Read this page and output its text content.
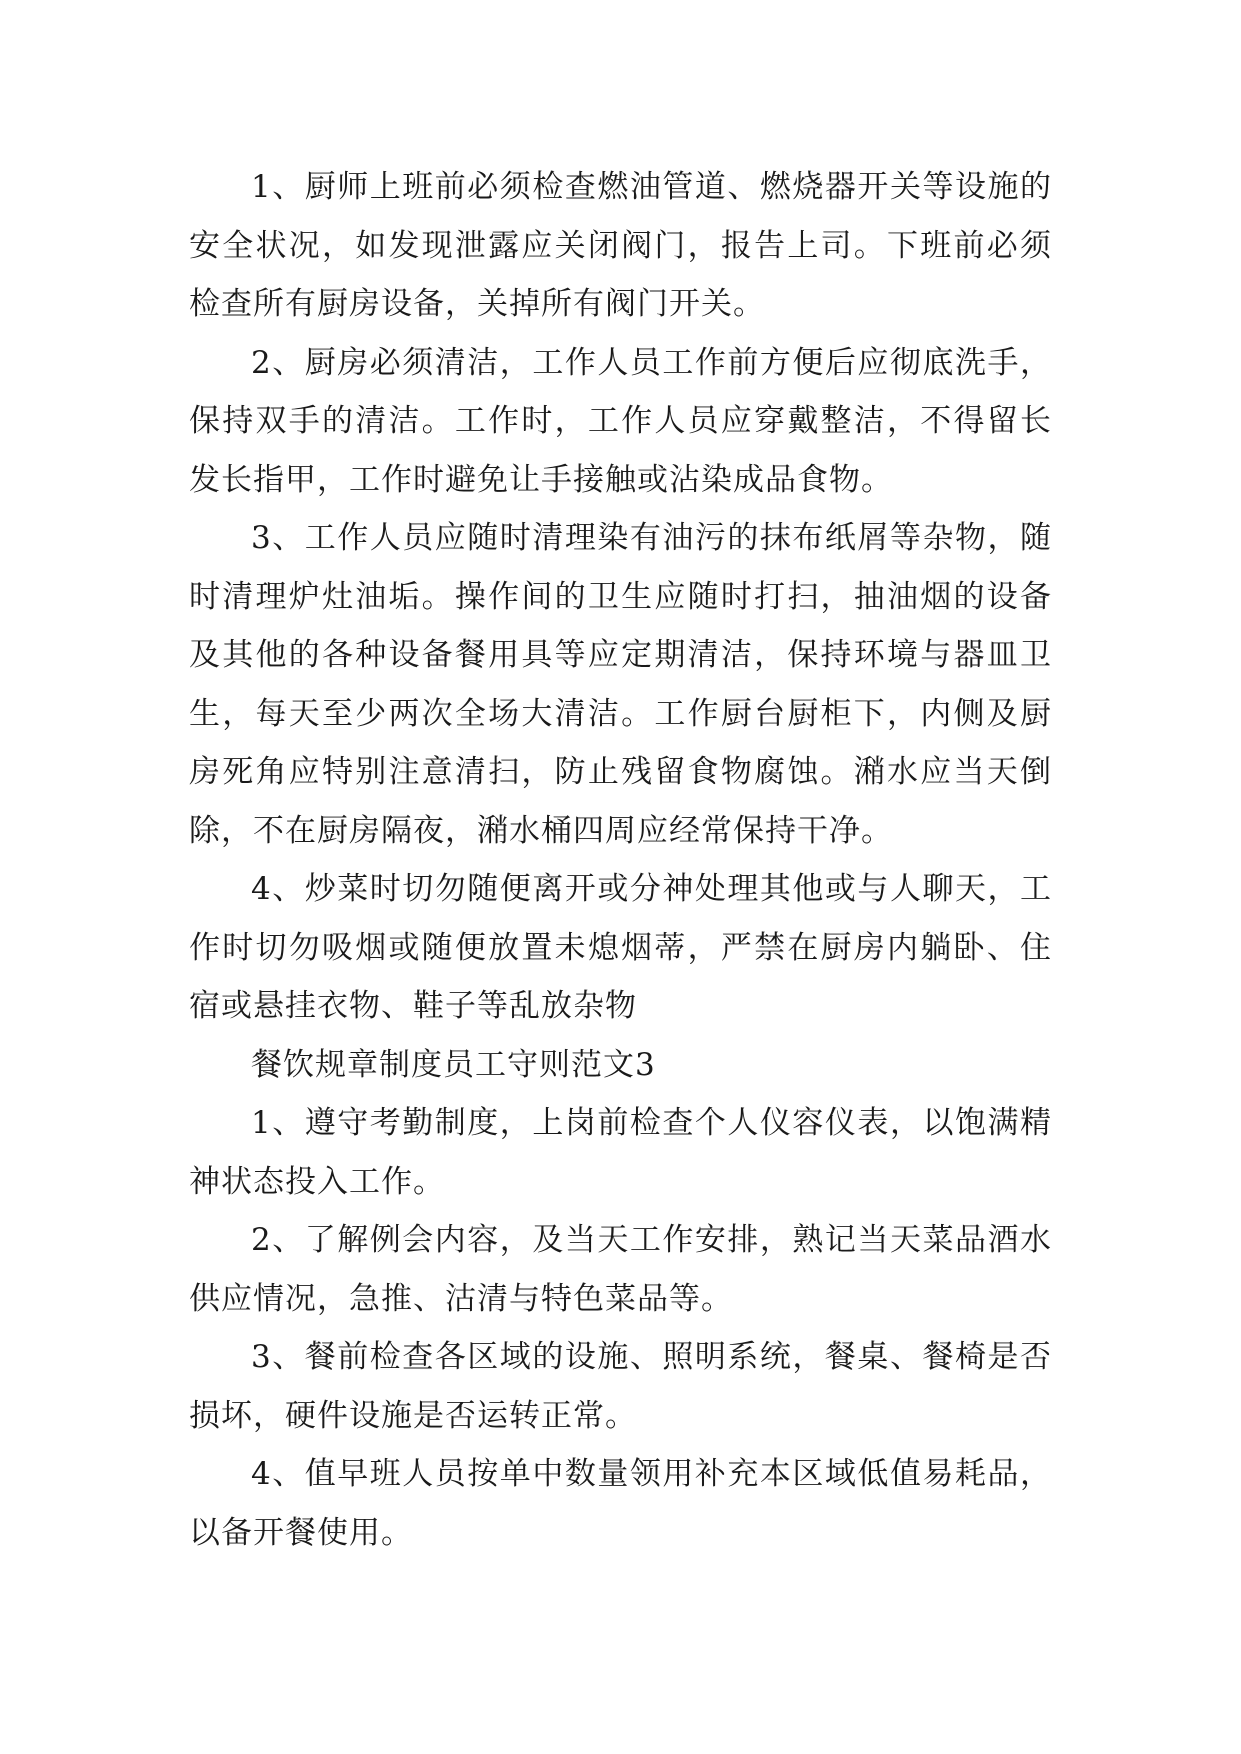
1、厨师上班前必须检查燃油管道、燃烧器开关等设施的安全状况，如发现泄露应关闭阀门，报告上司。下班前必须检查所有厨房设备，关掉所有阀门开关。

2、厨房必须清洁，工作人员工作前方便后应彻底洗手，保持双手的清洁。工作时，工作人员应穿戴整洁，不得留长发长指甲，工作时避免让手接触或沾染成品食物。

3、工作人员应随时清理染有油污的抹布纸屑等杂物，随时清理炉灶油垢。操作间的卫生应随时打扫，抽油烟的设备及其他的各种设备餐用具等应定期清洁，保持环境与器皿卫生，每天至少两次全场大清洁。工作厨台厨柜下，内侧及厨房死角应特别注意清扫，防止残留食物腐蚀。潲水应当天倒除，不在厨房隔夜，潲水桶四周应经常保持干净。

4、炒菜时切勿随便离开或分神处理其他或与人聊天，工作时切勿吸烟或随便放置未熄烟蒂，严禁在厨房内躺卧、住宿或悬挂衣物、鞋子等乱放杂物

餐饮规章制度员工守则范文3

1、遵守考勤制度，上岗前检查个人仪容仪表，以饱满精神状态投入工作。

2、了解例会内容，及当天工作安排，熟记当天菜品酒水供应情况，急推、沽清与特色菜品等。

3、餐前检查各区域的设施、照明系统，餐桌、餐椅是否损坏，硬件设施是否运转正常。

4、值早班人员按单中数量领用补充本区域低值易耗品，以备开餐使用。
